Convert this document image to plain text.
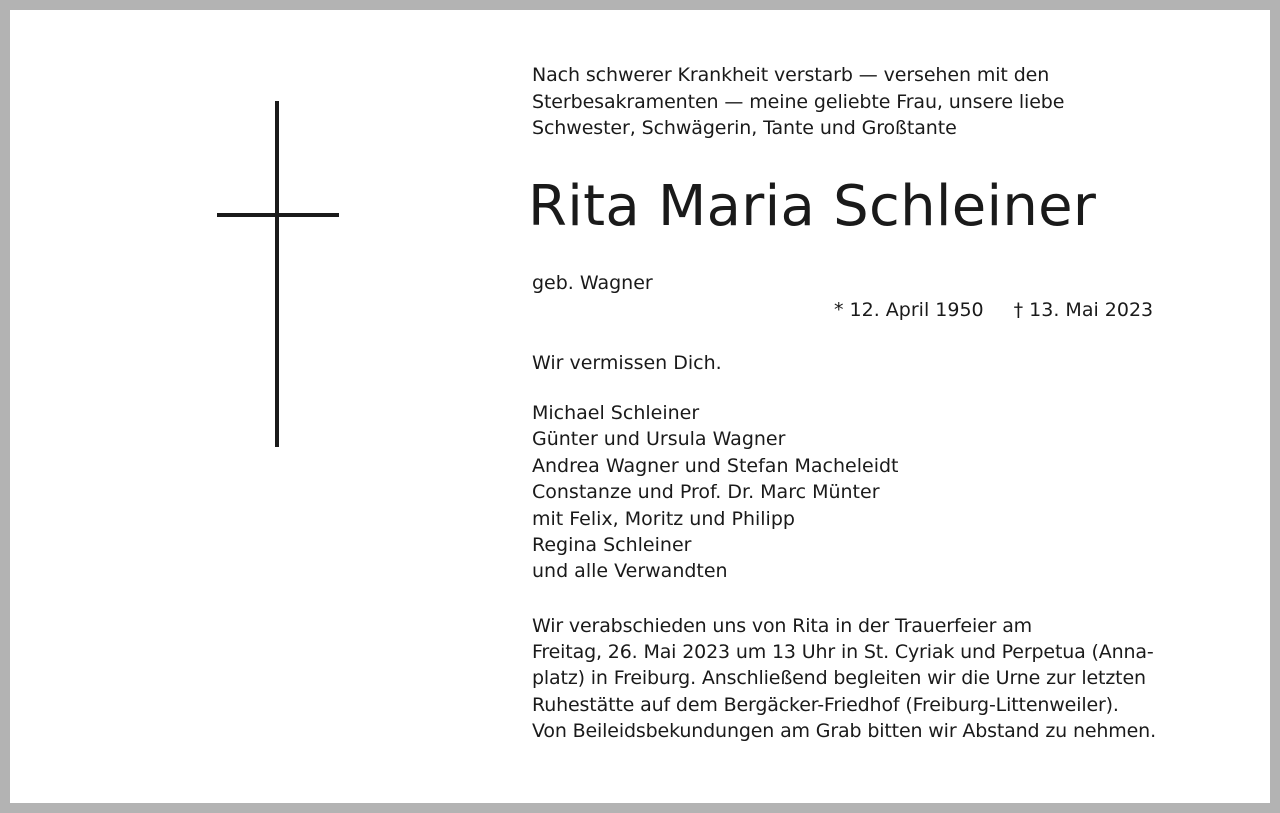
Nach schwerer Krankheit verstarb — versehen mit den
Sterbesakramenten — meine geliebte Frau, unsere liebe
Schwester, Schwägerin, Tante und Großtante
Rita Maria Schleiner
geb. Wagner
* 12. April 1950 † 13. Mai 2023
Wir vermissen Dich.
Michael Schleiner
Günter und Ursula Wagner
Andrea Wagner und Stefan Macheleidt
Constanze und Prof. Dr. Marc Münter
mit Felix, Moritz und Philipp
Regina Schleiner
und alle Verwandten
Wir verabschieden uns von Rita in der Trauerfeier am
Freitag, 26. Mai 2023 um 13 Uhr in St. Cyriak und Perpetua (Anna-
platz) in Freiburg. Anschließend begleiten wir die Urne zur letzten
Ruhestätte auf dem Bergäcker-Friedhof (Freiburg-Littenweiler).
Von Beileidsbekundungen am Grab bitten wir Abstand zu nehmen.
